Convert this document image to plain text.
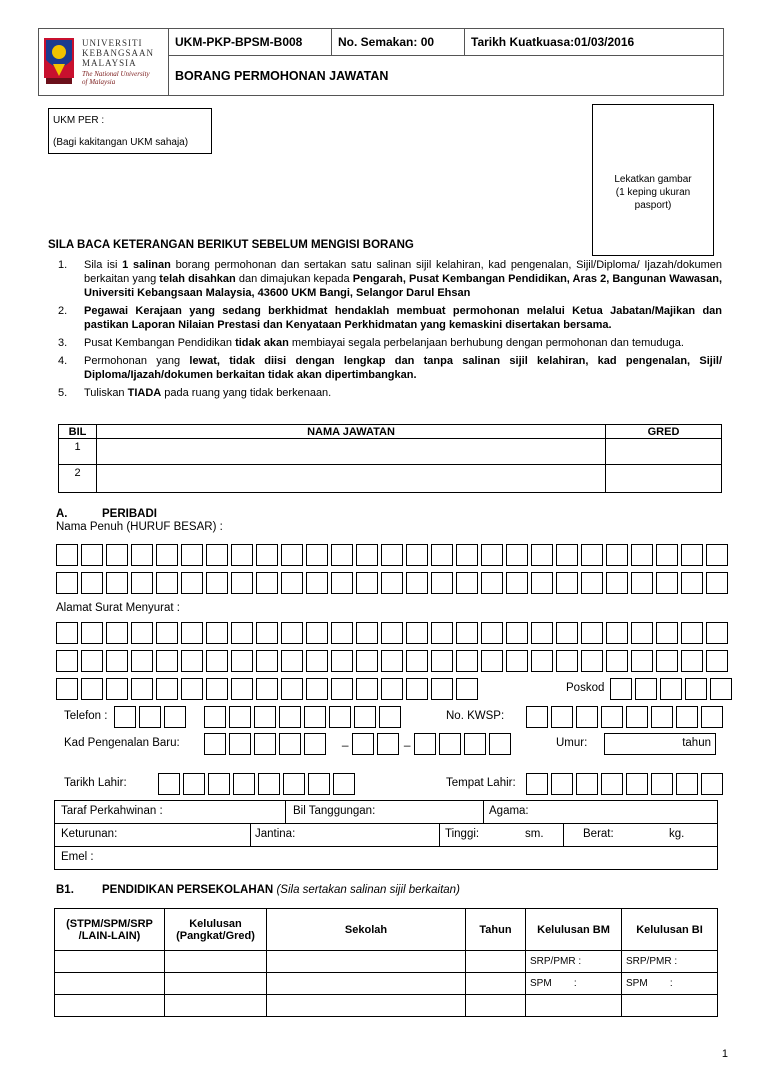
UNIVERSITI
KEBANGSAAN
MALAYSIA
The National University
of Malaysia
UKM-PKP-BPSM-B008	No. Semakan: 00	Tarikh Kuatkuasa:01/03/2016
BORANG PERMOHONAN JAWATAN
UKM PER :
(Bagi kakitangan UKM sahaja)
Lekatkan gambar
(1 keping ukuran
pasport)
SILA BACA KETERANGAN BERIKUT SEBELUM MENGISI BORANG
1. Sila isi 1 salinan borang permohonan dan sertakan satu salinan sijil kelahiran, kad pengenalan, Sijil/Diploma/ Ijazah/dokumen berkaitan yang telah disahkan dan dimajukan kepada Pengarah, Pusat Kembangan Pendidikan, Aras 2, Bangunan Wawasan, Universiti Kebangsaan Malaysia, 43600 UKM Bangi, Selangor Darul Ehsan
2. Pegawai Kerajaan yang sedang berkhidmat hendaklah membuat permohonan melalui Ketua Jabatan/Majikan dan pastikan Laporan Nilaian Prestasi dan Kenyataan Perkhidmatan yang kemaskini disertakan bersama.
3. Pusat Kembangan Pendidikan tidak akan membiayai segala perbelanjaan berhubung dengan permohonan dan temuduga.
4. Permohonan yang lewat, tidak diisi dengan lengkap dan tanpa salinan sijil kelahiran, kad pengenalan, Sijil/ Diploma/Ijazah/dokumen berkaitan tidak akan dipertimbangkan.
5. Tuliskan TIADA pada ruang yang tidak berkenaan.
BIL	NAMA JAWATAN	GRED
1		
2		
A.	PERIBADI
Nama Penuh (HURUF BESAR) :
Alamat Surat Menyurat :
Poskod
Telefon :	No. KWSP:
Kad Pengenalan Baru:	_	_	Umur:	tahun
Tarikh Lahir:	Tempat Lahir:
Taraf Perkahwinan :	Bil Tanggungan:	Agama:
Keturunan:	Jantina:	Tinggi:	sm.	Berat:	kg.
Emel :
B1. PENDIDIKAN PERSEKOLAHAN (Sila sertakan salinan sijil berkaitan)
(STPM/SPM/SRP /LAIN-LAIN)	Kelulusan (Pangkat/Gred)	Sekolah	Tahun	Kelulusan BM	Kelulusan BI
				SRP/PMR :	SRP/PMR :
				SPM        :	SPM        :

1
